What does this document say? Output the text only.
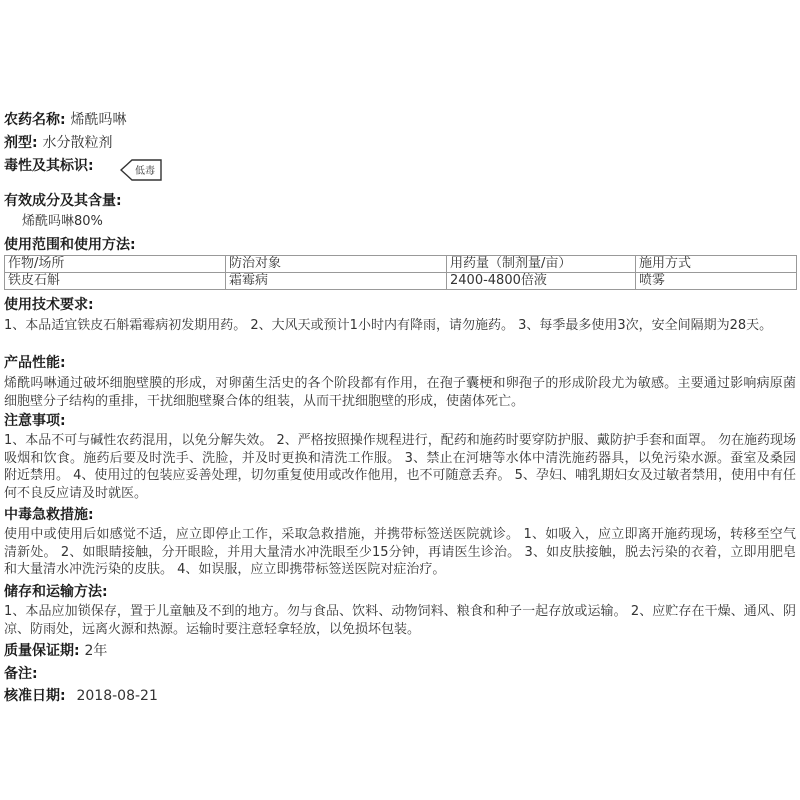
农药名称: 烯酰吗啉
剂型: 水分散粒剂
毒性及其标识:	低毒
有效成分及其含量:
烯酰吗啉80%
使用范围和使用方法:
作物/场所	防治对象	用药量（制剂量/亩）	施用方式
铁皮石斛	霜霉病	2400-4800倍液	喷雾
使用技术要求:
1、本品适宜铁皮石斛霜霉病初发期用药。 2、大风天或预计1小时内有降雨，请勿施药。 3、每季最多使用3次，安全间隔期为28天。
产品性能:
烯酰吗啉通过破坏细胞壁膜的形成，对卵菌生活史的各个阶段都有作用，在孢子囊梗和卵孢子的形成阶段尤为敏感。主要通过影响病原菌细胞壁分子结构的重排，干扰细胞壁聚合体的组装，从而干扰细胞壁的形成，使菌体死亡。
注意事项:
1、本品不可与碱性农药混用，以免分解失效。 2、严格按照操作规程进行，配药和施药时要穿防护服、戴防护手套和面罩。 勿在施药现场吸烟和饮食。施药后要及时洗手、洗脸，并及时更换和清洗工作服。 3、禁止在河塘等水体中清洗施药器具，以免污染水源。蚕室及桑园附近禁用。 4、使用过的包装应妥善处理，切勿重复使用或改作他用，也不可随意丢弃。 5、孕妇、哺乳期妇女及过敏者禁用，使用中有任何不良反应请及时就医。
中毒急救措施:
使用中或使用后如感觉不适，应立即停止工作，采取急救措施，并携带标签送医院就诊。 1、如吸入，应立即离开施药现场，转移至空气清新处。 2、如眼睛接触，分开眼睑，并用大量清水冲洗眼至少15分钟，再请医生诊治。 3、如皮肤接触，脱去污染的衣着，立即用肥皂和大量清水冲洗污染的皮肤。 4、如误服，应立即携带标签送医院对症治疗。
储存和运输方法:
1、本品应加锁保存，置于儿童触及不到的地方。勿与食品、饮料、动物饲料、粮食和种子一起存放或运输。 2、应贮存在干燥、通风、阴凉、防雨处，远离火源和热源。运输时要注意轻拿轻放，以免损坏包装。
质量保证期: 2年
备注:
核准日期: 2018-08-21
